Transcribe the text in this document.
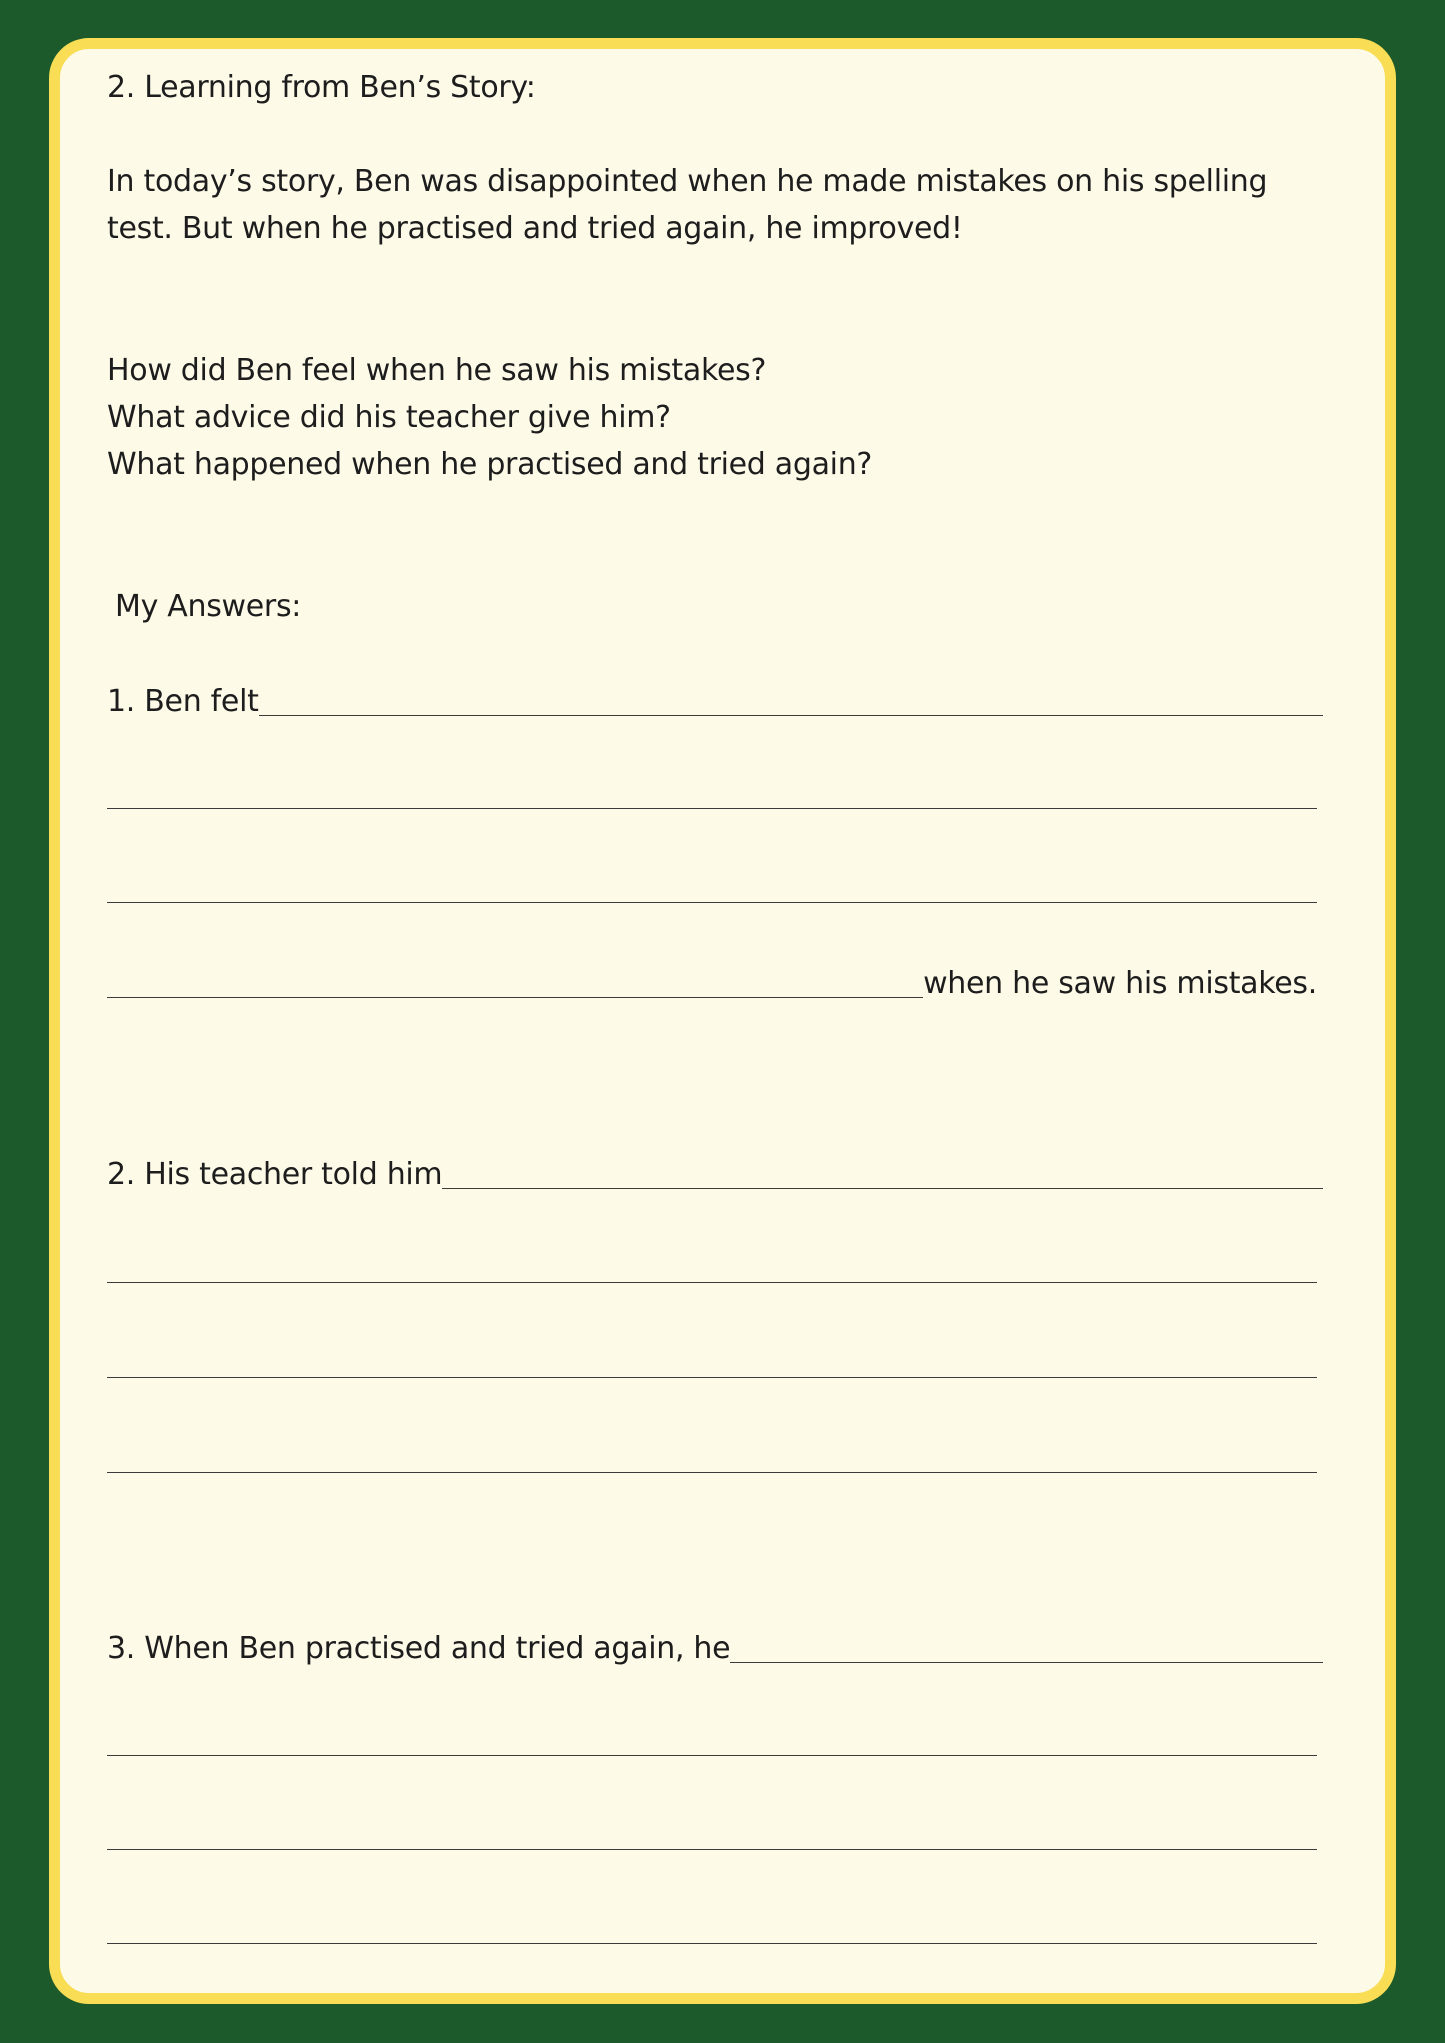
2. Learning from Ben’s Story:
In today’s story, Ben was disappointed when he made mistakes on his spelling
test. But when he practised and tried again, he improved!
How did Ben feel when he saw his mistakes?
What advice did his teacher give him?
What happened when he practised and tried again?
My Answers:
1. Ben felt
when he saw his mistakes.
2. His teacher told him
3. When Ben practised and tried again, he
